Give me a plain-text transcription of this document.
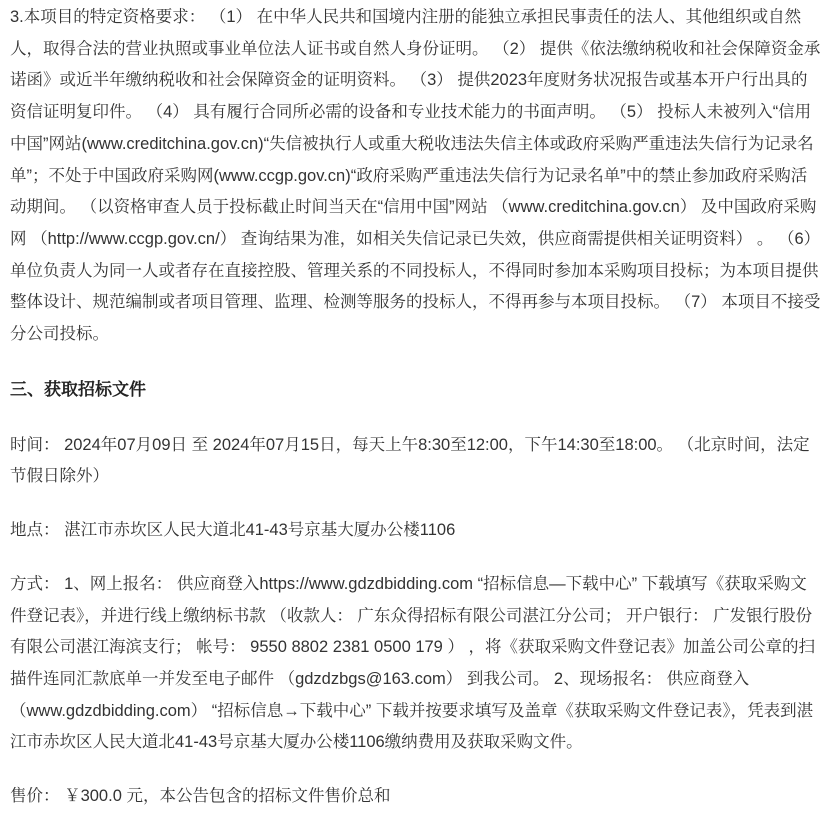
3.本项目的特定资格要求： （1） 在中华人民共和国境内注册的能独立承担民事责任的法人、其他组织或自然人，取得合法的营业执照或事业单位法人证书或自然人身份证明。 （2） 提供《依法缴纳税收和社会保障资金承诺函》或近半年缴纳税收和社会保障资金的证明资料。 （3） 提供2023年度财务状况报告或基本开户行出具的资信证明复印件。 （4） 具有履行合同所必需的设备和专业技术能力的书面声明。 （5） 投标人未被列入“信用中国”网站(www.creditchina.gov.cn)“失信被执行人或重大税收违法失信主体或政府采购严重违法失信行为记录名单”；不处于中国政府采购网(www.ccgp.gov.cn)“政府采购严重违法失信行为记录名单”中的禁止参加政府采购活动期间。 （以资格审查人员于投标截止时间当天在“信用中国”网站 （www.creditchina.gov.cn） 及中国政府采购网 （http://www.ccgp.gov.cn/） 查询结果为准，如相关失信记录已失效，供应商需提供相关证明资料） 。 （6） 单位负责人为同一人或者存在直接控股、管理关系的不同投标人，不得同时参加本采购项目投标；为本项目提供整体设计、规范编制或者项目管理、监理、检测等服务的投标人，不得再参与本项目投标。 （7） 本项目不接受分公司投标。

三、获取招标文件

时间： 2024年07月09日 至 2024年07月15日，每天上午8:30至12:00，下午14:30至18:00。 （北京时间，法定节假日除外）

地点： 湛江市赤坎区人民大道北41-43号京基大厦办公楼1106

方式： 1、网上报名： 供应商登入https://www.gdzdbidding.com “招标信息—下载中心” 下载填写《获取采购文件登记表》，并进行线上缴纳标书款 （收款人： 广东众得招标有限公司湛江分公司； 开户银行： 广发银行股份有限公司湛江海滨支行； 帐号： 9550 8802 2381 0500 179 ） ，将《获取采购文件登记表》加盖公司公章的扫描件连同汇款底单一并发至电子邮件 （gdzdzbgs@163.com） 到我公司。 2、现场报名： 供应商登入 （www.gdzdbidding.com） “招标信息→下载中心” 下载并按要求填写及盖章《获取采购文件登记表》，凭表到湛江市赤坎区人民大道北41-43号京基大厦办公楼1106缴纳费用及获取采购文件。

售价： ￥300.0 元，本公告包含的招标文件售价总和
